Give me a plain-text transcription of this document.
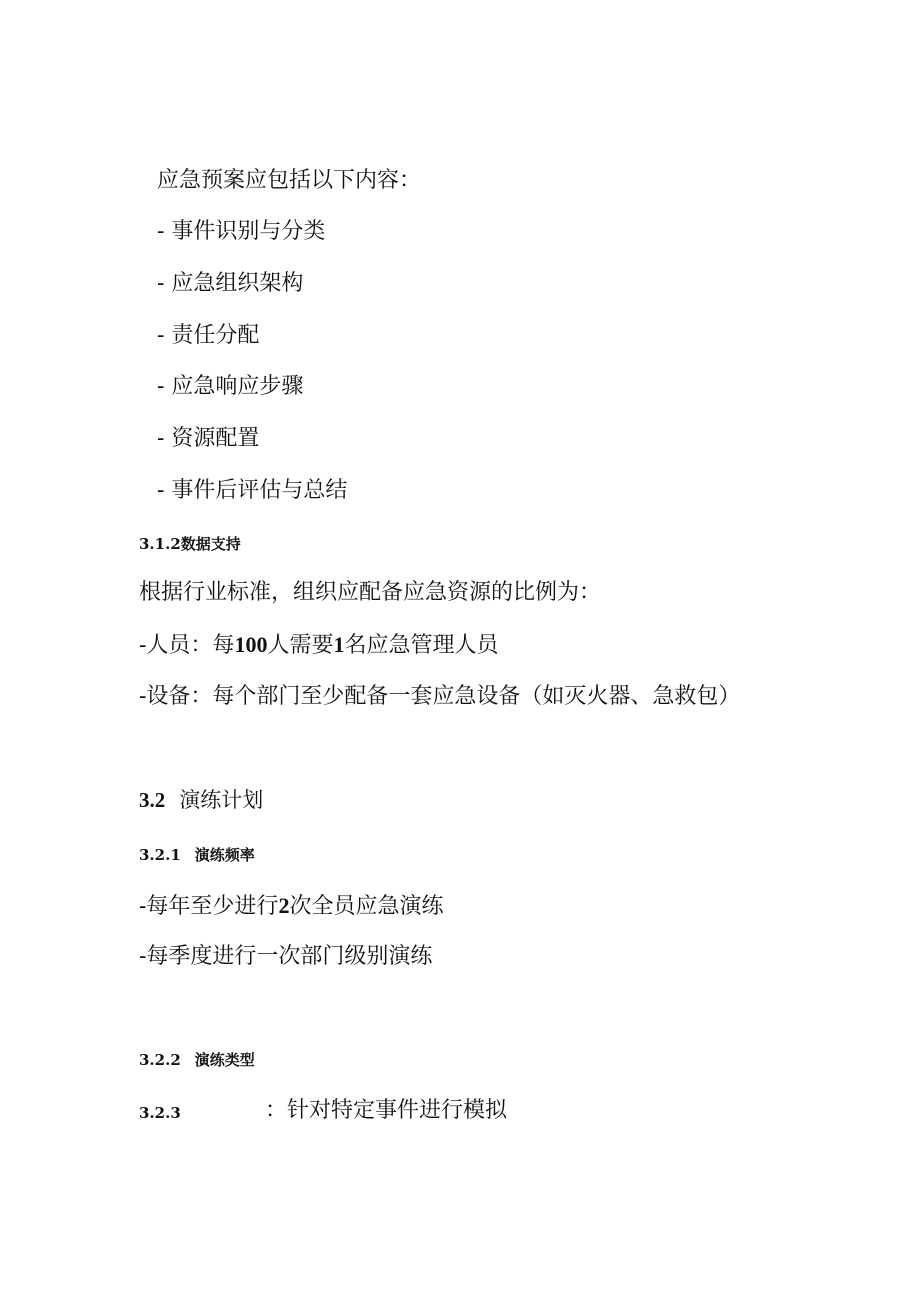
应急预案应包括以下内容：
- 事件识别与分类
- 应急组织架构
- 责任分配
- 应急响应步骤
- 资源配置
- 事件后评估与总结
3.1.2数据支持
根据行业标准，组织应配备应急资源的比例为：
-人员：每100人需要1名应急管理人员
-设备：每个部门至少配备一套应急设备（如灭火器、急救包）
3.2 演练计划
3.2.1 演练频率
-每年至少进行2次全员应急演练
-每季度进行一次部门级别演练
3.2.2 演练类型
3.2.3	：针对特定事件进行模拟
